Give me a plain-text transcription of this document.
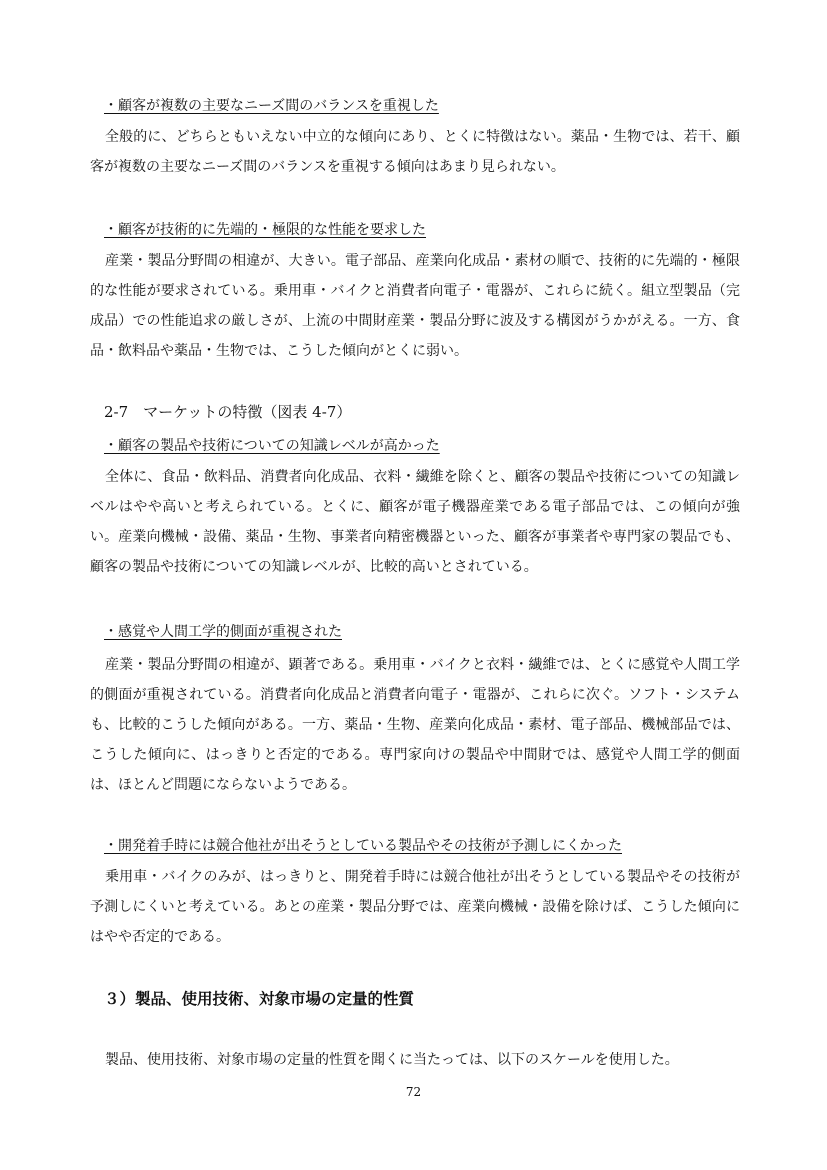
・顧客が複数の主要なニーズ間のバランスを重視した

全般的に、どちらともいえない中立的な傾向にあり、とくに特徴はない。薬品・生物では、若干、顧客が複数の主要なニーズ間のバランスを重視する傾向はあまり見られない。

・顧客が技術的に先端的・極限的な性能を要求した

産業・製品分野間の相違が、大きい。電子部品、産業向化成品・素材の順で、技術的に先端的・極限的な性能が要求されている。乗用車・バイクと消費者向電子・電器が、これらに続く。組立型製品（完成品）での性能追求の厳しさが、上流の中間財産業・製品分野に波及する構図がうかがえる。一方、食品・飲料品や薬品・生物では、こうした傾向がとくに弱い。

2-7　マーケットの特徴（図表 4-7）
・顧客の製品や技術についての知識レベルが高かった

全体に、食品・飲料品、消費者向化成品、衣料・繊維を除くと、顧客の製品や技術についての知識レベルはやや高いと考えられている。とくに、顧客が電子機器産業である電子部品では、この傾向が強い。産業向機械・設備、薬品・生物、事業者向精密機器といった、顧客が事業者や専門家の製品でも、顧客の製品や技術についての知識レベルが、比較的高いとされている。

・感覚や人間工学的側面が重視された

産業・製品分野間の相違が、顕著である。乗用車・バイクと衣料・繊維では、とくに感覚や人間工学的側面が重視されている。消費者向化成品と消費者向電子・電器が、これらに次ぐ。ソフト・システムも、比較的こうした傾向がある。一方、薬品・生物、産業向化成品・素材、電子部品、機械部品では、こうした傾向に、はっきりと否定的である。専門家向けの製品や中間財では、感覚や人間工学的側面は、ほとんど問題にならないようである。

・開発着手時には競合他社が出そうとしている製品やその技術が予測しにくかった

乗用車・バイクのみが、はっきりと、開発着手時には競合他社が出そうとしている製品やその技術が予測しにくいと考えている。あとの産業・製品分野では、産業向機械・設備を除けば、こうした傾向にはやや否定的である。

３）製品、使用技術、対象市場の定量的性質

製品、使用技術、対象市場の定量的性質を聞くに当たっては、以下のスケールを使用した。

72
